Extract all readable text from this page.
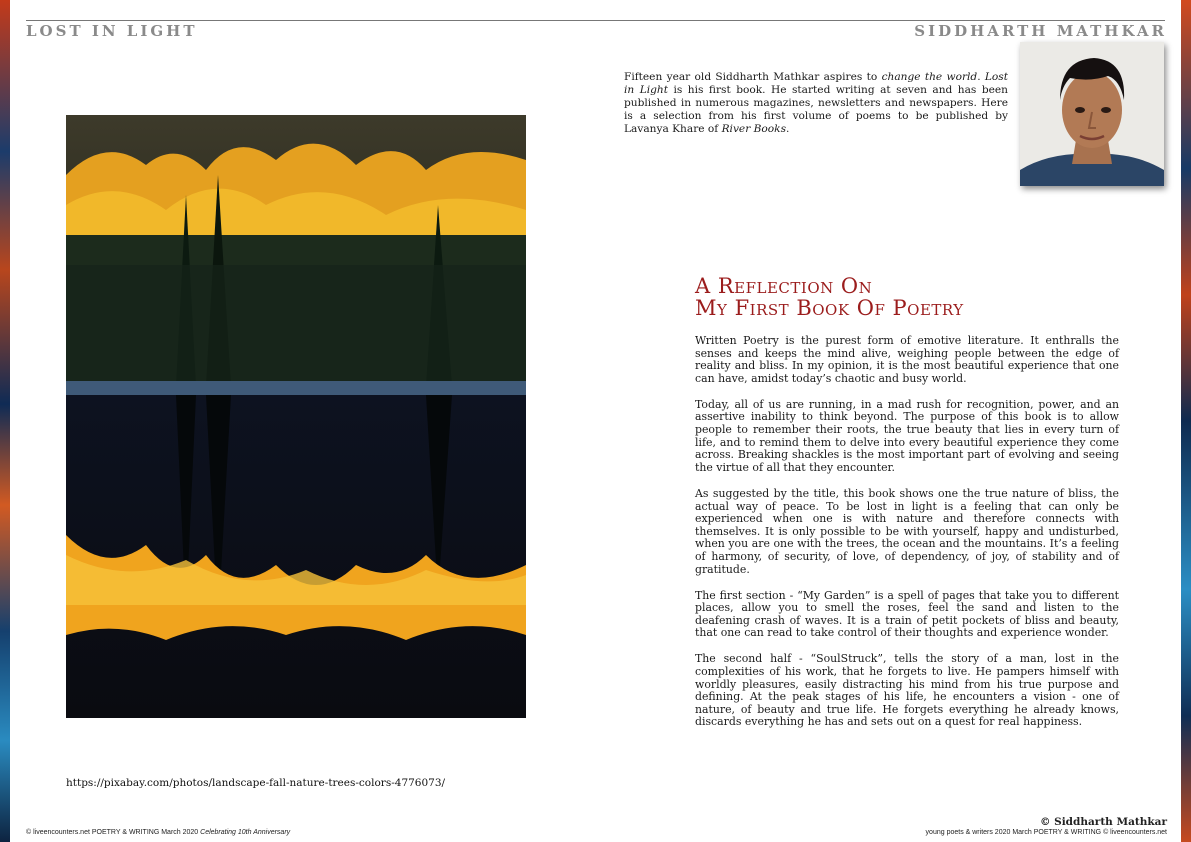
LOST IN LIGHT	SIDDHARTH MATHKAR
Fifteen year old Siddharth Mathkar aspires to change the world. Lost in Light is his first book. He started writing at seven and has been published in numerous magazines, newsletters and newspapers. Here is a selection from his first volume of poems to be published by Lavanya Khare of River Books.
https://pixabay.com/photos/landscape-fall-nature-trees-colors-4776073/
A Reflection On
My First Book Of Poetry

Written Poetry is the purest form of emotive literature. It enthralls the senses and keeps the mind alive, weighing people between the edge of reality and bliss. In my opinion, it is the most beautiful experience that one can have, amidst today’s chaotic and busy world.

Today, all of us are running, in a mad rush for recognition, power, and an assertive inability to think beyond. The purpose of this book is to allow people to remember their roots, the true beauty that lies in every turn of life, and to remind them to delve into every beautiful experience they come across. Breaking shackles is the most important part of evolving and seeing the virtue of all that they encounter.

As suggested by the title, this book shows one the true nature of bliss, the actual way of peace. To be lost in light is a feeling that can only be experienced when one is with nature and therefore connects with themselves. It is only possible to be with yourself, happy and undisturbed, when you are one with the trees, the ocean and the mountains. It’s a feeling of harmony, of security, of love, of dependency, of joy, of stability and of gratitude.

The first section - “My Garden” is a spell of pages that take you to different places, allow you to smell the roses, feel the sand and listen to the deafening crash of waves. It is a train of petit pockets of bliss and beauty, that one can read to take control of their thoughts and experience wonder.

The second half - “SoulStruck”, tells the story of a man, lost in the complexities of his work, that he forgets to live. He pampers himself with worldly pleasures, easily distracting his mind from his true purpose and defining. At the peak stages of his life, he encounters a vision - one of nature, of beauty and true life. He forgets everything he already knows, discards everything he has and sets out on a quest for real happiness.

© Siddharth Mathkar
© liveencounters.net POETRY & WRITING March 2020 Celebrating 10th Anniversary	young poets & writers 2020 March POETRY & WRITING © liveencounters.net
